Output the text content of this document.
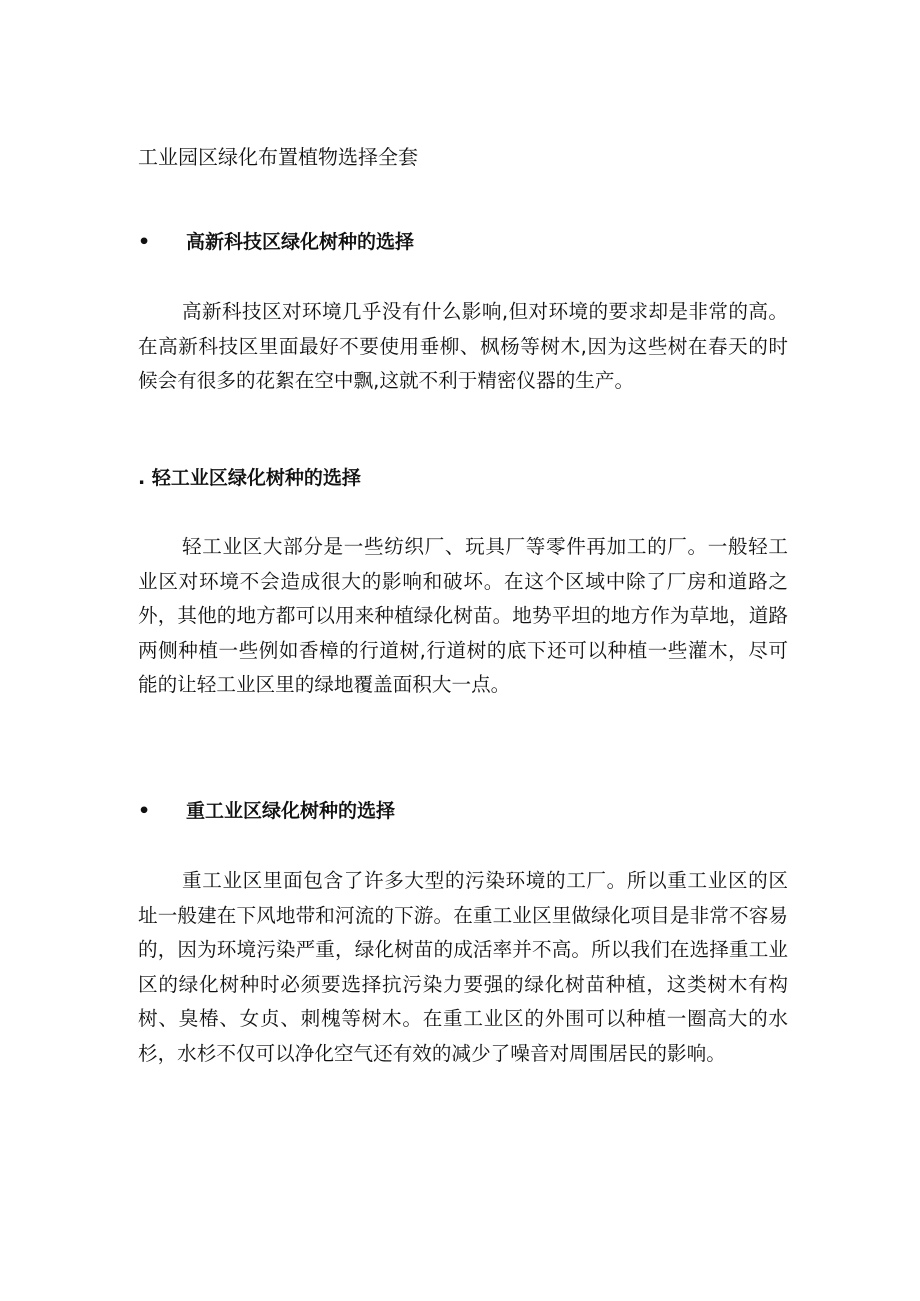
工业园区绿化布置植物选择全套
• 高新科技区绿化树种的选择

高新科技区对环境几乎没有什么影响,但对环境的要求却是非常的高。在高新科技区里面最好不要使用垂柳、枫杨等树木,因为这些树在春天的时候会有很多的花絮在空中飘,这就不利于精密仪器的生产。

. 轻工业区绿化树种的选择

轻工业区大部分是一些纺织厂、玩具厂等零件再加工的厂。一般轻工业区对环境不会造成很大的影响和破坏。在这个区域中除了厂房和道路之外，其他的地方都可以用来种植绿化树苗。地势平坦的地方作为草地，道路两侧种植一些例如香樟的行道树,行道树的底下还可以种植一些灌木，尽可能的让轻工业区里的绿地覆盖面积大一点。

• 重工业区绿化树种的选择

重工业区里面包含了许多大型的污染环境的工厂。所以重工业区的区址一般建在下风地带和河流的下游。在重工业区里做绿化项目是非常不容易的，因为环境污染严重，绿化树苗的成活率并不高。所以我们在选择重工业区的绿化树种时必须要选择抗污染力要强的绿化树苗种植，这类树木有构树、臭椿、女贞、刺槐等树木。在重工业区的外围可以种植一圈高大的水杉，水杉不仅可以净化空气还有效的减少了噪音对周围居民的影响。
